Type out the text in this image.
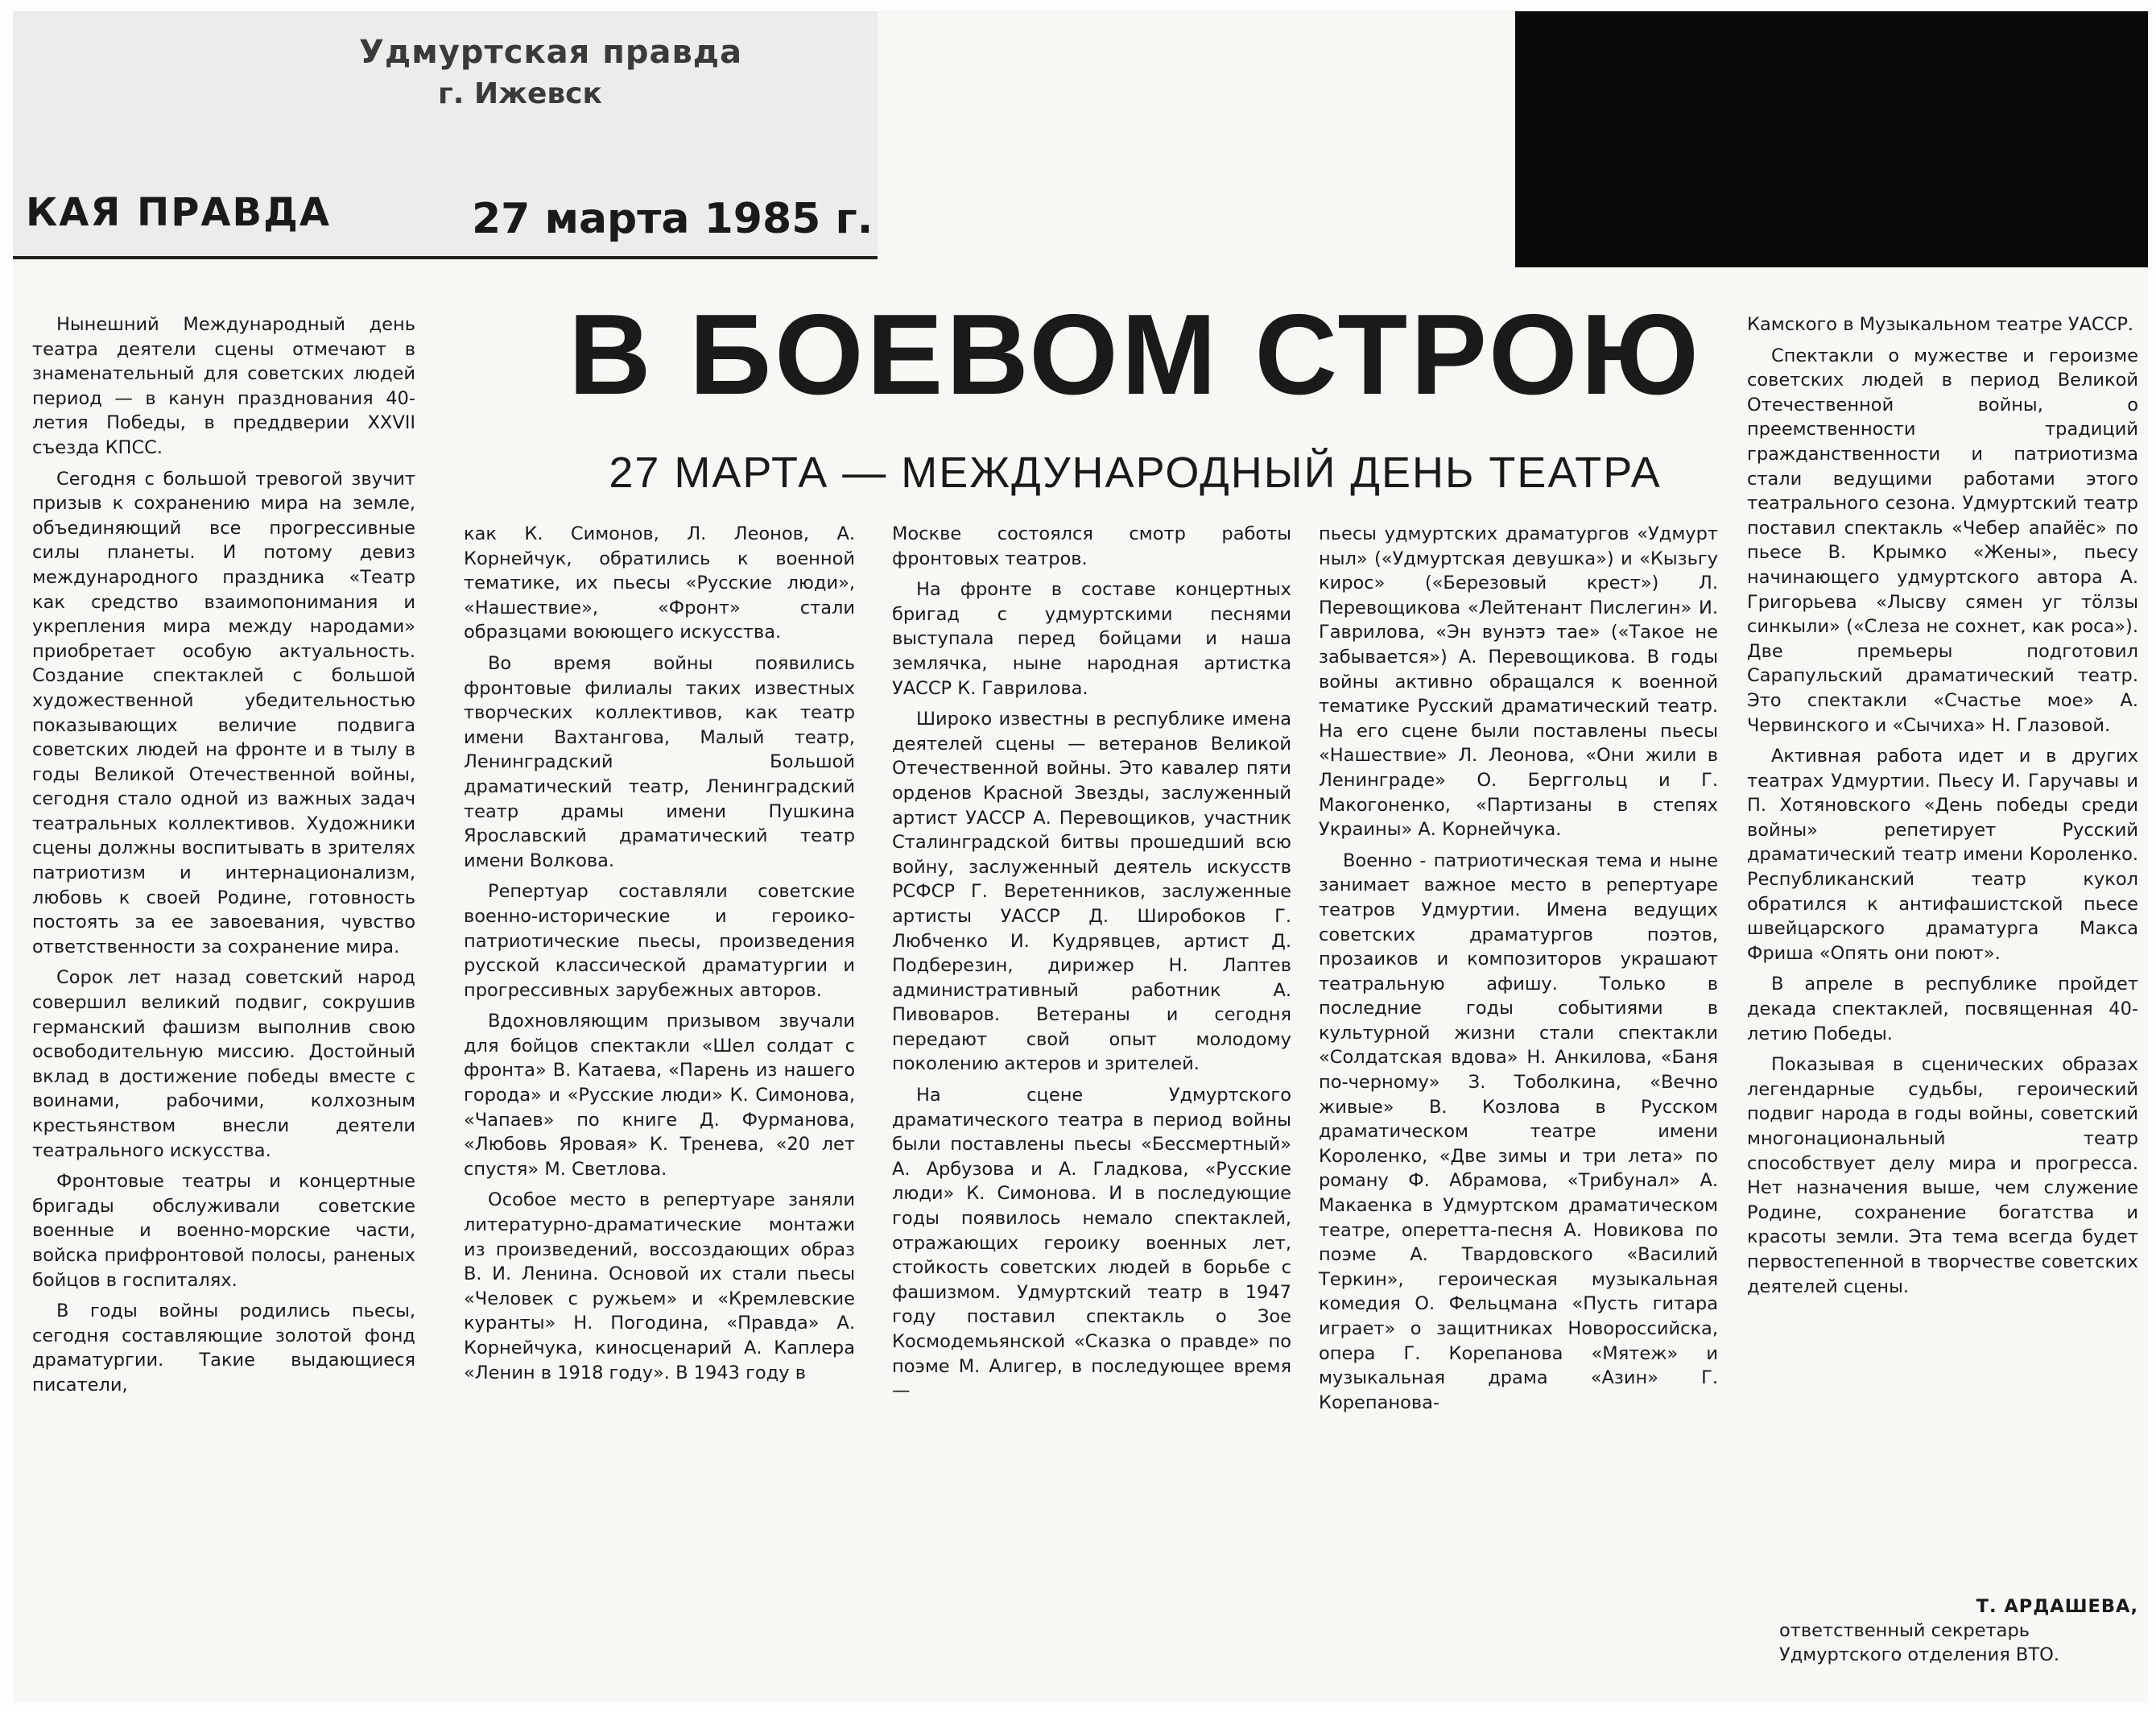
Удмуртская правда
г. Ижевск
КАЯ ПРАВДА	27 марта 1985 г.
В БОЕВОМ СТРОЮ
27 МАРТА — МЕЖДУНАРОДНЫЙ ДЕНЬ ТЕАТРА

Нынешний Международный день театра деятели сцены отмечают в знаменательный для советских людей период — в канун празднования 40-летия Победы, в преддверии XXVII съезда КПСС.

Сегодня с большой тревогой звучит призыв к сохранению мира на земле, объединяющий все прогрессивные силы планеты. И потому девиз международного праздника «Театр как средство взаимопонимания и укрепления мира между народами» приобретает особую актуальность. Создание спектаклей с большой художественной убедительностью показывающих величие подвига советских людей на фронте и в тылу в годы Великой Отечественной войны, сегодня стало одной из важных задач театральных коллективов. Художники сцены должны воспитывать в зрителях патриотизм и интернационализм, любовь к своей Родине, готовность постоять за ее завоевания, чувство ответственности за сохранение мира.

Сорок лет назад советский народ совершил великий подвиг, сокрушив германский фашизм выполнив свою освободительную миссию. Достойный вклад в достижение победы вместе с воинами, рабочими, колхозным крестьянством внесли деятели театрального искусства.

Фронтовые театры и концертные бригады обслуживали советские военные и военно-морские части, войска прифронтовой полосы, раненых бойцов в госпиталях.

В годы войны родились пьесы, сегодня составляющие золотой фонд драматургии. Такие выдающиеся писатели,

как К. Симонов, Л. Леонов, А. Корнейчук, обратились к военной тематике, их пьесы «Русские люди», «Нашествие», «Фронт» стали образцами воюющего искусства.

Во время войны появились фронтовые филиалы таких известных творческих коллективов, как театр имени Вахтангова, Малый театр, Ленинградский Большой драматический театр, Ленинградский театр драмы имени Пушкина Ярославский драматический театр имени Волкова.

Репертуар составляли советские военно-исторические и героико-патриотические пьесы, произведения русской классической драматургии и прогрессивных зарубежных авторов.

Вдохновляющим призывом звучали для бойцов спектакли «Шел солдат с фронта» В. Катаева, «Парень из нашего города» и «Русские люди» К. Симонова, «Чапаев» по книге Д. Фурманова, «Любовь Яровая» К. Тренева, «20 лет спустя» М. Светлова.

Особое место в репертуаре заняли литературно-драматические монтажи из произведений, воссоздающих образ В. И. Ленина. Основой их стали пьесы «Человек с ружьем» и «Кремлевские куранты» Н. Погодина, «Правда» А. Корнейчука, киносценарий А. Каплера «Ленин в 1918 году». В 1943 году в

Москве состоялся смотр работы фронтовых театров.

На фронте в составе концертных бригад с удмуртскими песнями выступала перед бойцами и наша землячка, ныне народная артистка УАССР К. Гаврилова.

Широко известны в республике имена деятелей сцены — ветеранов Великой Отечественной войны. Это кавалер пяти орденов Красной Звезды, заслуженный артист УАССР А. Перевощиков, участник Сталинградской битвы прошедший всю войну, заслуженный деятель искусств РСФСР Г. Веретенников, заслуженные артисты УАССР Д. Широбоков Г. Любченко И. Кудрявцев, артист Д. Подберезин, дирижер Н. Лаптев административный работник А. Пивоваров. Ветераны и сегодня передают свой опыт молодому поколению актеров и зрителей.

На сцене Удмуртского драматического театра в период войны были поставлены пьесы «Бессмертный» А. Арбузова и А. Гладкова, «Русские люди» К. Симонова. И в последующие годы появилось немало спектаклей, отражающих героику военных лет, стойкость советских людей в борьбе с фашизмом. Удмуртский театр в 1947 году поставил спектакль о Зое Космодемьянской «Сказка о правде» по поэме М. Алигер, в последующее время —

пьесы удмуртских драматургов «Удмурт ныл» («Удмуртская девушка») и «Кызьгу кирос» («Березовый крест») Л. Перевощикова «Лейтенант Пислегин» И. Гаврилова, «Эн вунэтэ тае» («Такое не забывается») А. Перевощикова. В годы войны активно обращался к военной тематике Русский драматический театр. На его сцене были поставлены пьесы «Нашествие» Л. Леонова, «Они жили в Ленинграде» О. Берггольц и Г. Макогоненко, «Партизаны в степях Украины» А. Корнейчука.

Военно - патриотическая тема и ныне занимает важное место в репертуаре театров Удмуртии. Имена ведущих советских драматургов поэтов, прозаиков и композиторов украшают театральную афишу. Только в последние годы событиями в культурной жизни стали спектакли «Солдатская вдова» Н. Анкилова, «Баня по-черному» З. Тоболкина, «Вечно живые» В. Козлова в Русском драматическом театре имени Короленко, «Две зимы и три лета» по роману Ф. Абрамова, «Трибунал» А. Макаенка в Удмуртском драматическом театре, оперетта-песня А. Новикова по поэме А. Твардовского «Василий Теркин», героическая музыкальная комедия О. Фельцмана «Пусть гитара играет» о защитниках Новороссийска, опера Г. Корепанова «Мятеж» и музыкальная драма «Азин» Г. Корепанова-

Камского в Музыкальном театре УАССР.

Спектакли о мужестве и героизме советских людей в период Великой Отечественной войны, о преемственности традиций гражданственности и патриотизма стали ведущими работами этого театрального сезона. Удмуртский театр поставил спектакль «Чебер апайёс» по пьесе В. Крымко «Жены», пьесу начинающего удмуртского автора А. Григорьева «Лысву сямен уг тӧлзы синкыли» («Слеза не сохнет, как роса»). Две премьеры подготовил Сарапульский драматический театр. Это спектакли «Счастье мое» А. Червинского и «Сычиха» Н. Глазовой.

Активная работа идет и в других театрах Удмуртии. Пьесу И. Гаручавы и П. Хотяновского «День победы среди войны» репетирует Русский драматический театр имени Короленко. Республиканский театр кукол обратился к антифашистской пьесе швейцарского драматурга Макса Фриша «Опять они поют».

В апреле в республике пройдет декада спектаклей, посвященная 40-летию Победы.

Показывая в сценических образах легендарные судьбы, героический подвиг народа в годы войны, советский многонациональный театр способствует делу мира и прогресса. Нет назначения выше, чем служение Родине, сохранение богатства и красоты земли. Эта тема всегда будет первостепенной в творчестве советских деятелей сцены.

Т. АРДАШЕВА,
ответственный секретарь Удмуртского отделения ВТО.
